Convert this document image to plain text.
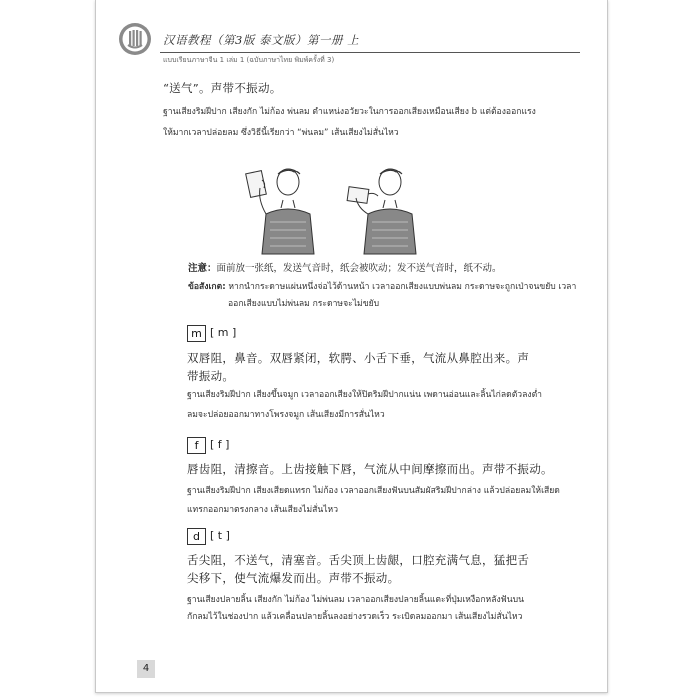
汉语教程（第3版 泰文版）第一册 上
แบบเรียนภาษาจีน 1 เล่ม 1 (ฉบับภาษาไทย พิมพ์ครั้งที่ 3)
“送气”。声带不振动。
ฐานเสียงริมฝีปาก เสียงกัก ไม่ก้อง พ่นลม ตำแหน่งอวัยวะในการออกเสียงเหมือนเสียง b แต่ต้องออกแรง
ให้มากเวลาปล่อยลม ซึ่งวิธีนี้เรียกว่า “พ่นลม” เส้นเสียงไม่สั่นไหว
注意：面前放一张纸，发送气音时，纸会被吹动；发不送气音时，纸不动。
ข้อสังเกต: หากนำกระดาษแผ่นหนึ่งจ่อไว้ด้านหน้า เวลาออกเสียงแบบพ่นลม กระดาษจะถูกเป่าจนขยับ เวลา
ออกเสียงแบบไม่พ่นลม กระดาษจะไม่ขยับ
m [ m ]
双唇阻，鼻音。双唇紧闭，软腭、小舌下垂，气流从鼻腔出来。声
带振动。
ฐานเสียงริมฝีปาก เสียงขึ้นจมูก เวลาออกเสียงให้ปิดริมฝีปากแน่น เพดานอ่อนและลิ้นไก่ลดตัวลงต่ำ
ลมจะปล่อยออกมาทางโพรงจมูก เส้นเสียงมีการสั่นไหว
f	[ f ]
唇齿阻，清擦音。上齿接触下唇，气流从中间摩擦而出。声带不振动。
ฐานเสียงริมฝีปาก เสียงเสียดแทรก ไม่ก้อง เวลาออกเสียงฟันบนสัมผัสริมฝีปากล่าง แล้วปล่อยลมให้เสียด
แทรกออกมาตรงกลาง เส้นเสียงไม่สั่นไหว
d [ t ]
舌尖阻，不送气，清塞音。舌尖顶上齿龈，口腔充满气息，猛把舌
尖移下，使气流爆发而出。声带不振动。
ฐานเสียงปลายลิ้น เสียงกัก ไม่ก้อง ไม่พ่นลม เวลาออกเสียงปลายลิ้นแตะที่ปุ่มเหงือกหลังฟันบน
กักลมไว้ในช่องปาก แล้วเคลื่อนปลายลิ้นลงอย่างรวดเร็ว ระเบิดลมออกมา เส้นเสียงไม่สั่นไหว
4
